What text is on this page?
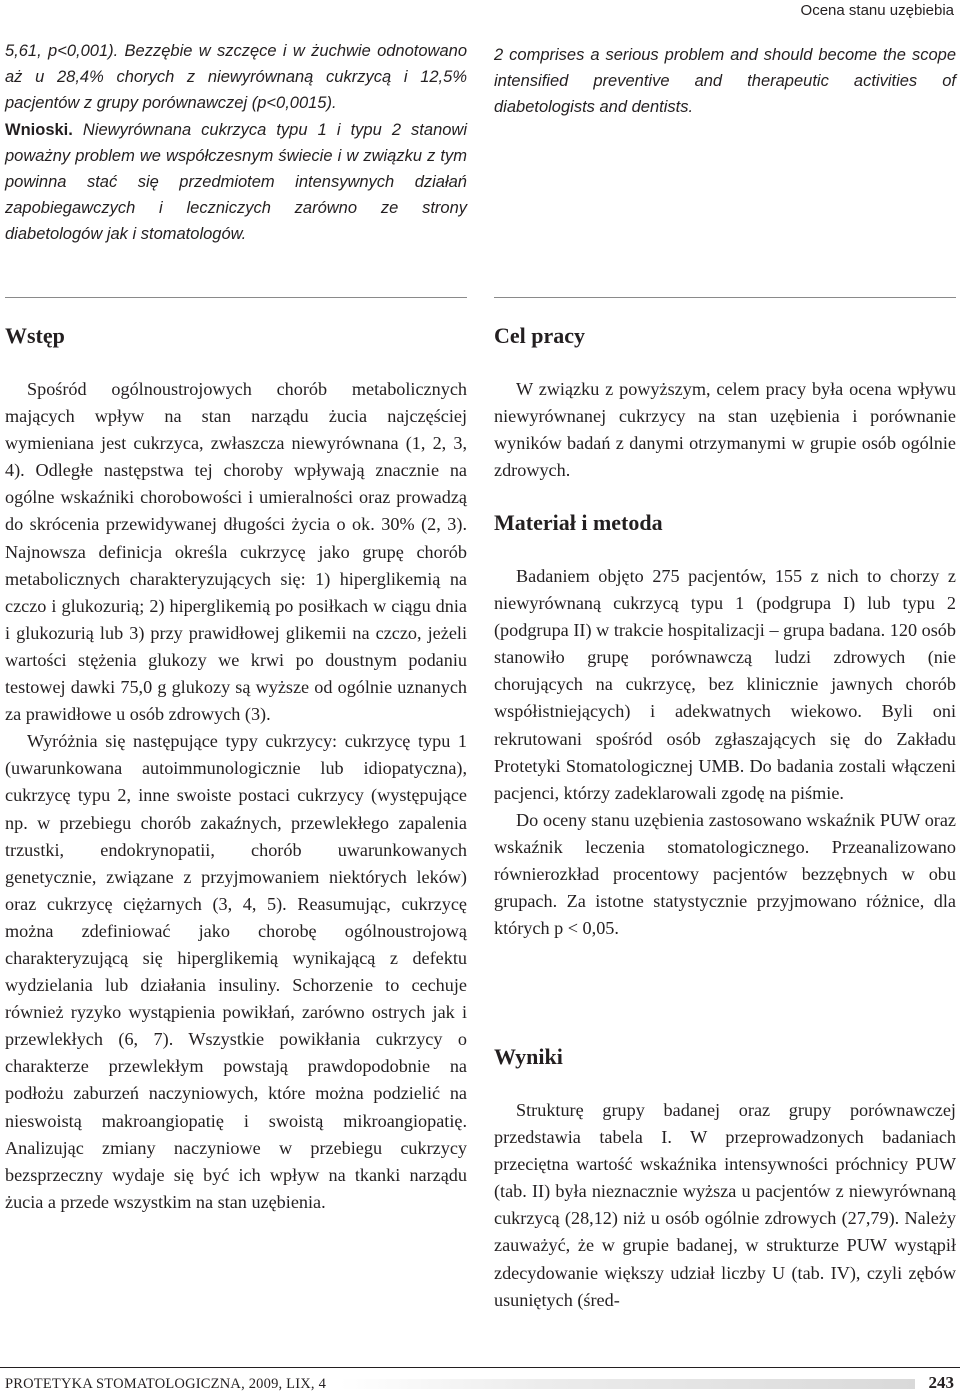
Ocena stanu uzębiebia
5,61, p<0,001). Bezzębie w szczęce i w żuchwie odnotowano aż u 28,4% chorych z niewyrównaną cukrzycą i 12,5% pacjentów z grupy porównawczej (p<0,0015).
Wnioski. Niewyrównana cukrzyca typu 1 i typu 2 stanowi poważny problem we współczesnym świecie i w związku z tym powinna stać się przedmiotem intensywnych działań zapobiegawczych i leczniczych zarówno ze strony diabetologów jak i stomatologów.
2 comprises a serious problem and should become the scope intensified preventive and therapeutic activities of diabetologists and dentists.
Wstęp

Spośród ogólnoustrojowych chorób metabolicznych mających wpływ na stan narządu żucia najczęściej wymieniana jest cukrzyca, zwłaszcza niewyrównana (1, 2, 3, 4). Odległe następstwa tej choroby wpływają znacznie na ogólne wskaźniki chorobowości i umieralności oraz prowadzą do skrócenia przewidywanej długości życia o ok. 30% (2, 3). Najnowsza definicja określa cukrzycę jako grupę chorób metabolicznych charakteryzujących się: 1) hiperglikemią na czczo i glukozurią; 2) hiperglikemią po posiłkach w ciągu dnia i glukozurią lub 3) przy prawidłowej glikemii na czczo, jeżeli wartości stężenia glukozy we krwi po doustnym podaniu testowej dawki 75,0 g glukozy są wyższe od ogólnie uznanych za prawidłowe u osób zdrowych (3).

Wyróżnia się następujące typy cukrzycy: cukrzycę typu 1 (uwarunkowana autoimmunologicznie lub idiopatyczna), cukrzycę typu 2, inne swoiste postaci cukrzycy (występujące np. w przebiegu chorób zakaźnych, przewlekłego zapalenia trzustki, endokrynopatii, chorób uwarunkowanych genetycznie, związane z przyjmowaniem niektórych leków) oraz cukrzycę ciężarnych (3, 4, 5). Reasumując, cukrzycę można zdefiniować jako chorobę ogólnoustrojową charakteryzującą się hiperglikemią wynikającą z defektu wydzielania lub działania insuliny. Schorzenie to cechuje również ryzyko wystąpienia powikłań, zarówno ostrych jak i przewlekłych (6, 7). Wszystkie powikłania cukrzycy o charakterze przewlekłym powstają prawdopodobnie na podłożu zaburzeń naczyniowych, które można podzielić na nieswoistą makroangiopatię i swoistą mikroangiopatię. Analizując zmiany naczyniowe w przebiegu cukrzycy bezsprzeczny wydaje się być ich wpływ na tkanki narządu żucia a przede wszystkim na stan uzębienia.

Cel pracy

W związku z powyższym, celem pracy była ocena wpływu niewyrównanej cukrzycy na stan uzębienia i porównanie wyników badań z danymi otrzymanymi w grupie osób ogólnie zdrowych.

Materiał i metoda

Badaniem objęto 275 pacjentów, 155 z nich to chorzy z niewyrównaną cukrzycą typu 1 (podgrupa I) lub typu 2 (podgrupa II) w trakcie hospitalizacji – grupa badana. 120 osób stanowiło grupę porównawczą ludzi zdrowych (nie chorujących na cukrzycę, bez klinicznie jawnych chorób współistniejących) i adekwatnych wiekowo. Byli oni rekrutowani spośród osób zgłaszających się do Zakładu Protetyki Stomatologicznej UMB. Do badania zostali włączeni pacjenci, którzy zadeklarowali zgodę na piśmie.

Do oceny stanu uzębienia zastosowano wskaźnik PUW oraz wskaźnik leczenia stomatologicznego. Przeanalizowano równierozkład procentowy pacjentów bezzębnych w obu grupach. Za istotne statystycznie przyjmowano różnice, dla których p < 0,05.

Wyniki

Strukturę grupy badanej oraz grupy porównawczej przedstawia tabela I. W przeprowadzonych badaniach przeciętna wartość wskaźnika intensywności próchnicy PUW (tab. II) była nieznacznie wyższa u pacjentów z niewyrównaną cukrzycą (28,12) niż u osób ogólnie zdrowych (27,79). Należy zauważyć, że w grupie badanej, w strukturze PUW wystąpił zdecydowanie większy udział liczby U (tab. IV), czyli zębów usuniętych (śred-

PROTETYKA STOMATOLOGICZNA, 2009, LIX, 4	243
